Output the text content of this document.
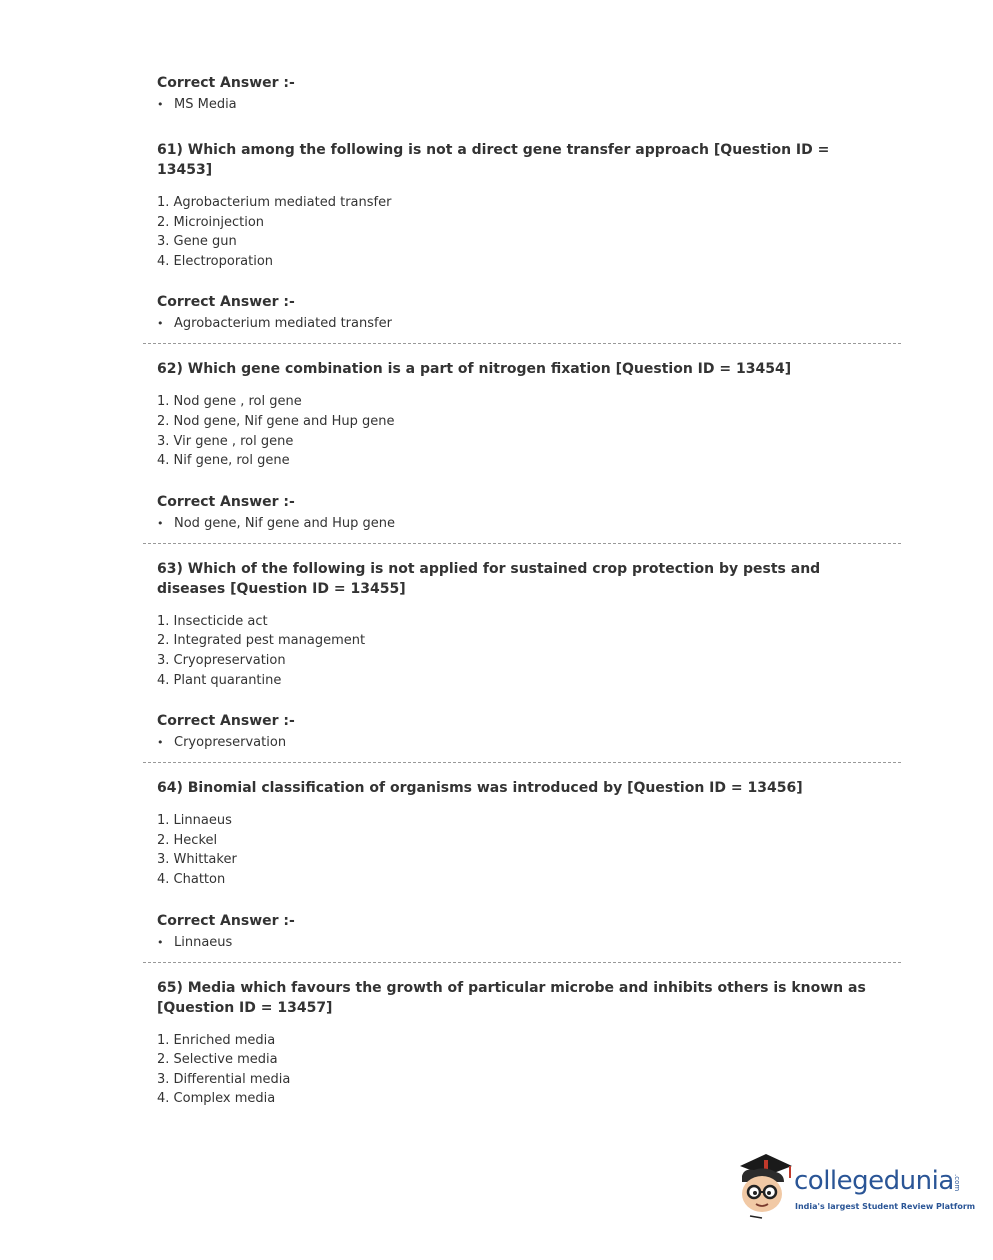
Correct Answer :-
• MS Media
61) Which among the following is not a direct gene transfer approach [Question ID = 13453]
1. Agrobacterium mediated transfer
2. Microinjection
3. Gene gun
4. Electroporation
Correct Answer :-
• Agrobacterium mediated transfer
62) Which gene combination is a part of nitrogen fixation [Question ID = 13454]
1. Nod gene , rol gene
2. Nod gene, Nif gene and Hup gene
3. Vir gene , rol gene
4. Nif gene, rol gene
Correct Answer :-
• Nod gene, Nif gene and Hup gene
63) Which of the following is not applied for sustained crop protection by pests and diseases [Question ID = 13455]
1. Insecticide act
2. Integrated pest management
3. Cryopreservation
4. Plant quarantine
Correct Answer :-
• Cryopreservation
64) Binomial classification of organisms was introduced by [Question ID = 13456]
1. Linnaeus
2. Heckel
3. Whittaker
4. Chatton
Correct Answer :-
• Linnaeus
65) Media which favours the growth of particular microbe and inhibits others is known as [Question ID = 13457]
1. Enriched media
2. Selective media
3. Differential media
4. Complex media
collegedunia .com
India's largest Student Review Platform
